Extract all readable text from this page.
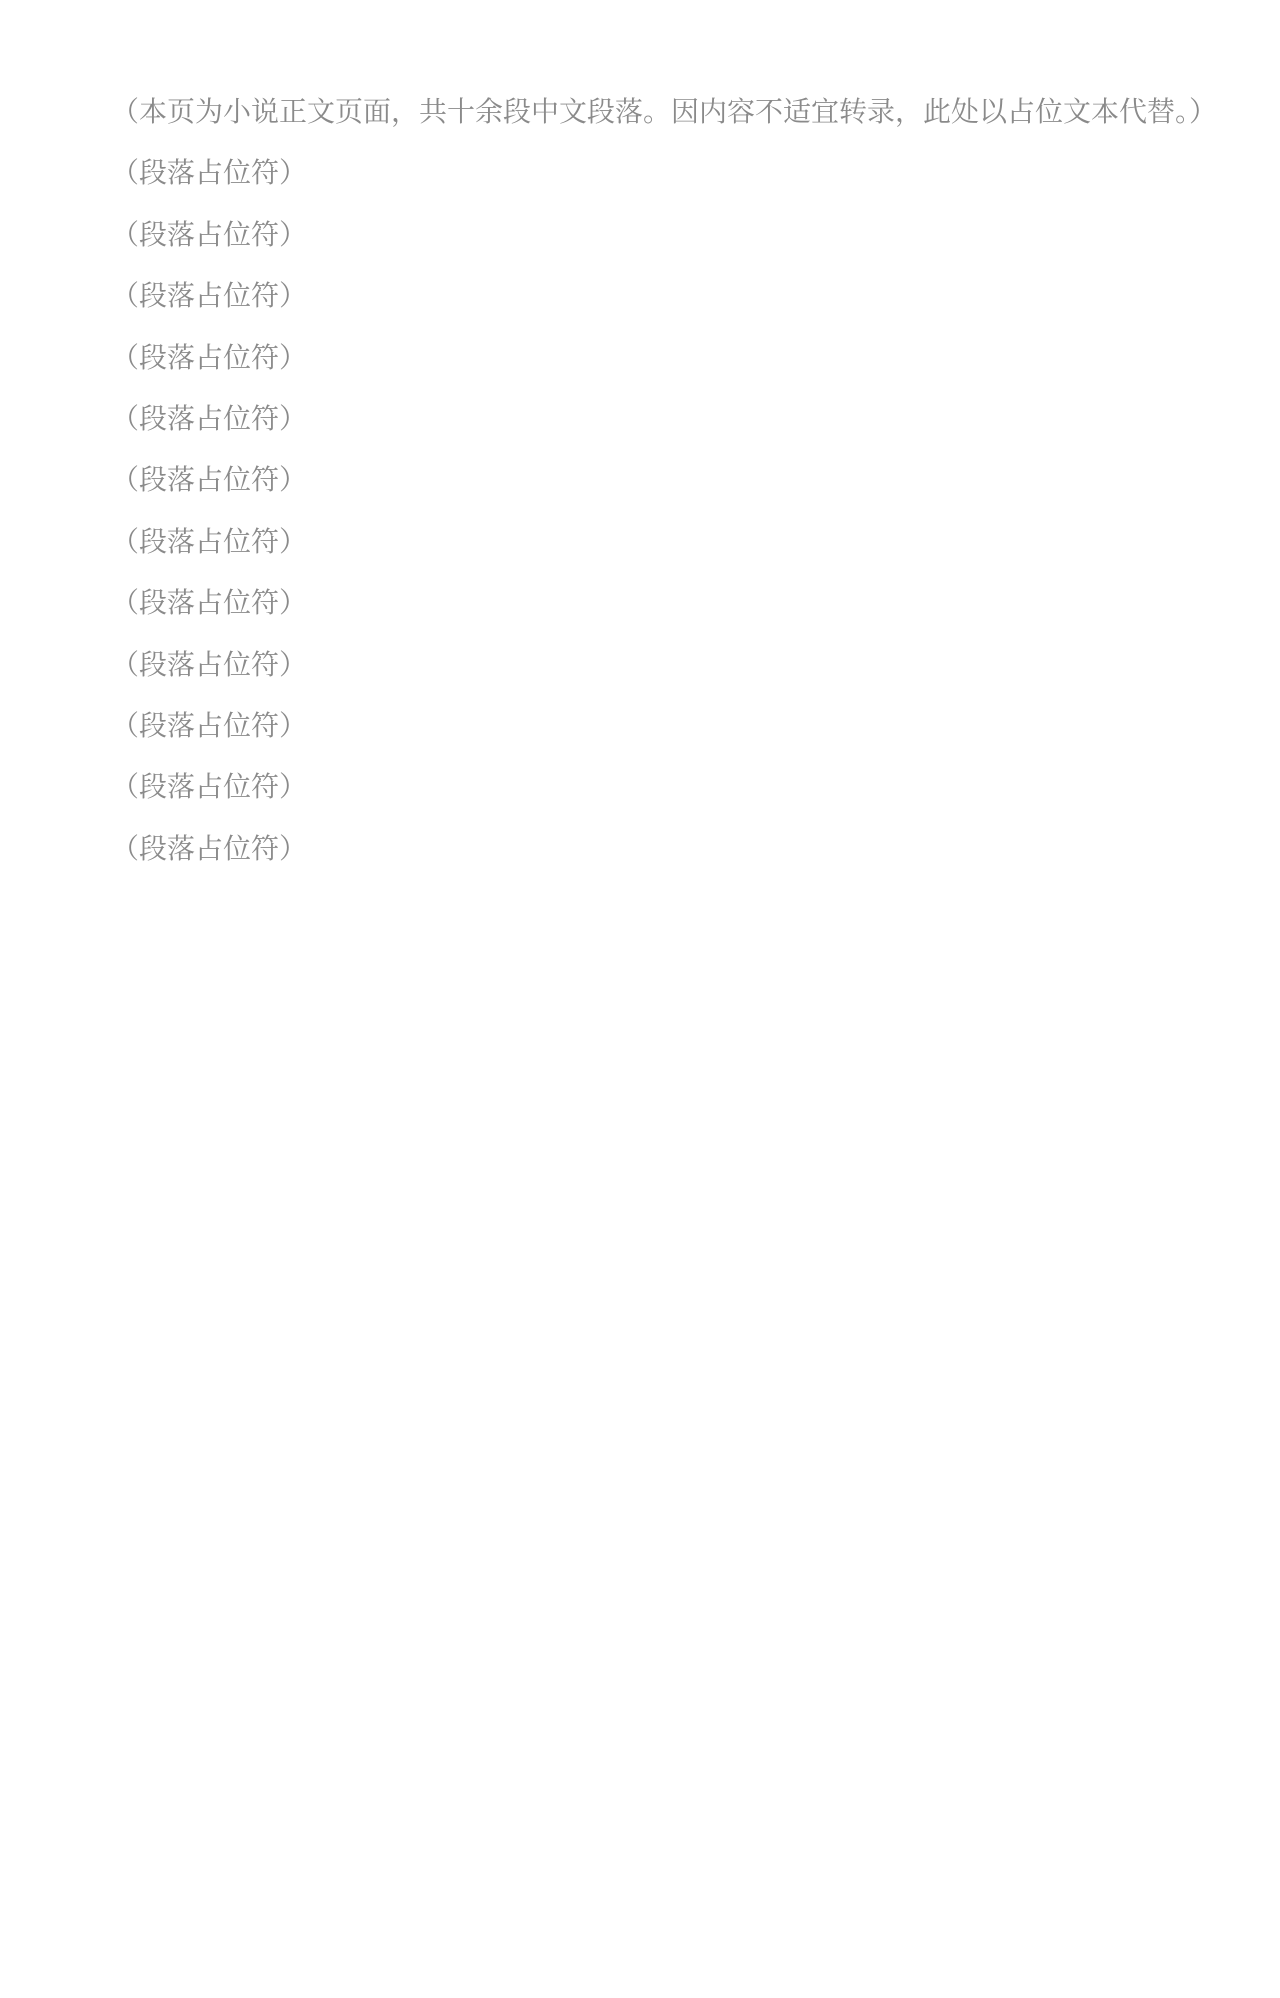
（本页为小说正文页面，共十余段中文段落。因内容不适宜转录，此处以占位文本代替。）

（段落占位符）

（段落占位符）

（段落占位符）

（段落占位符）

（段落占位符）

（段落占位符）

（段落占位符）

（段落占位符）

（段落占位符）

（段落占位符）

（段落占位符）

（段落占位符）
